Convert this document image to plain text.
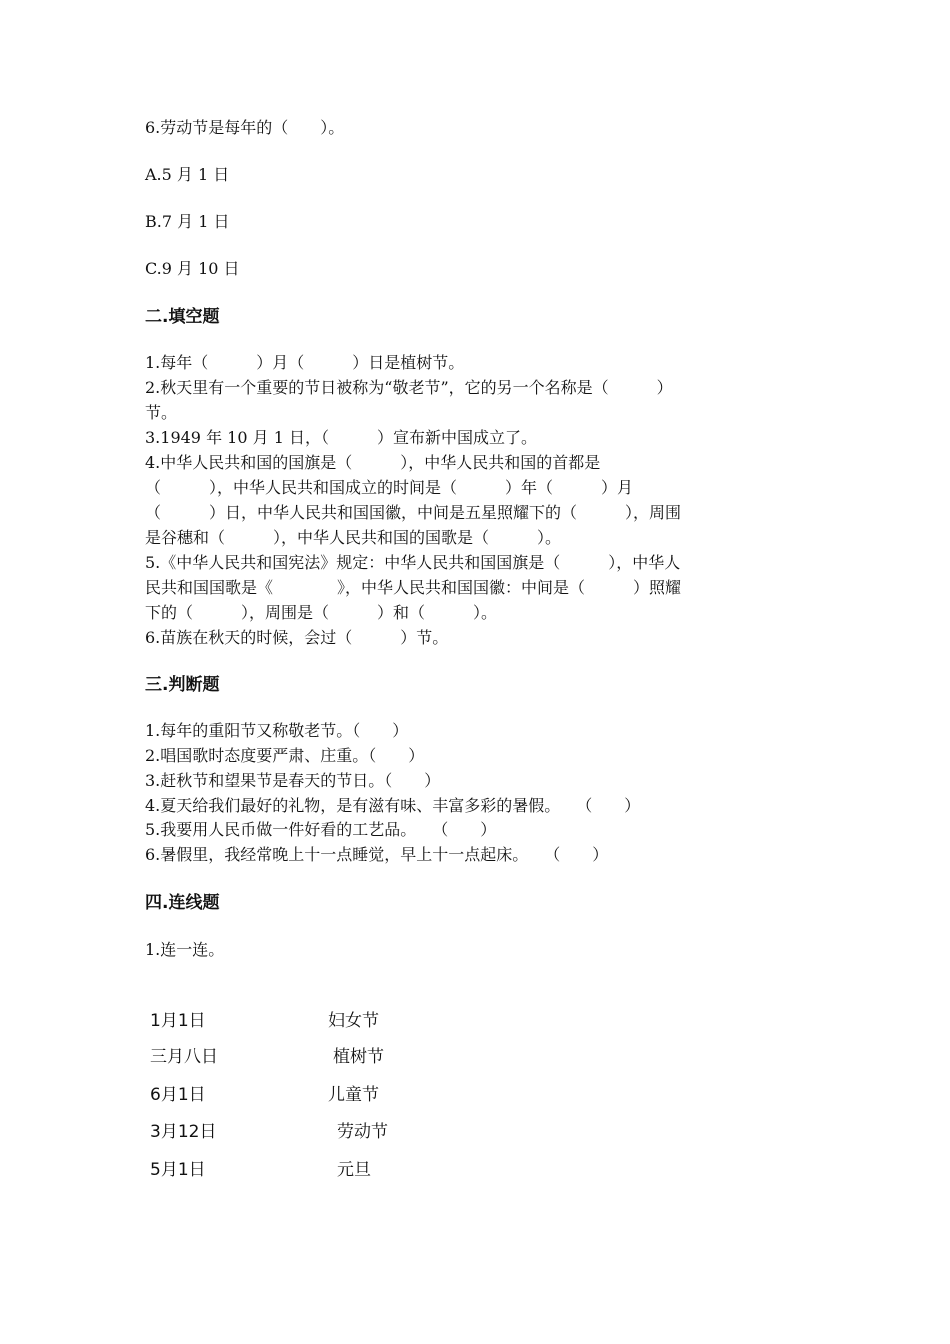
6.劳动节是每年的（　　）。

A.5 月 1 日

B.7 月 1 日

C.9 月 10 日

二.填空题

1.每年（　　　）月（　　　）日是植树节。

2.秋天里有一个重要的节日被称为“敬老节”，它的另一个名称是（　　　）

节。

3.1949 年 10 月 1 日，（　　　）宣布新中国成立了。

4.中华人民共和国的国旗是（　　　），中华人民共和国的首都是

（　　　），中华人民共和国成立的时间是（　　　）年（　　　）月

（　　　）日，中华人民共和国国徽，中间是五星照耀下的（　　　），周围

是谷穗和（　　　），中华人民共和国的国歌是（　　　）。

5.《中华人民共和国宪法》规定：中华人民共和国国旗是（　　　），中华人

民共和国国歌是《　　　　》，中华人民共和国国徽：中间是（　　　）照耀

下的（　　　），周围是（　　　）和（　　　）。

6.苗族在秋天的时候，会过（　　　）节。

三.判断题

1.每年的重阳节又称敬老节。（　　）

2.唱国歌时态度要严肃、庄重。（　　）

3.赶秋节和望果节是春天的节日。（　　）

4.夏天给我们最好的礼物，是有滋有味、丰富多彩的暑假。　　（　　）

5.我要用人民币做一件好看的工艺品。　　（　　）

6.暑假里，我经常晚上十一点睡觉，早上十一点起床。　　（　　）

四.连线题

1.连一连。

1月1日

三月八日

6月1日

3月12日

5月1日

妇女节

植树节

儿童节

劳动节

元旦
